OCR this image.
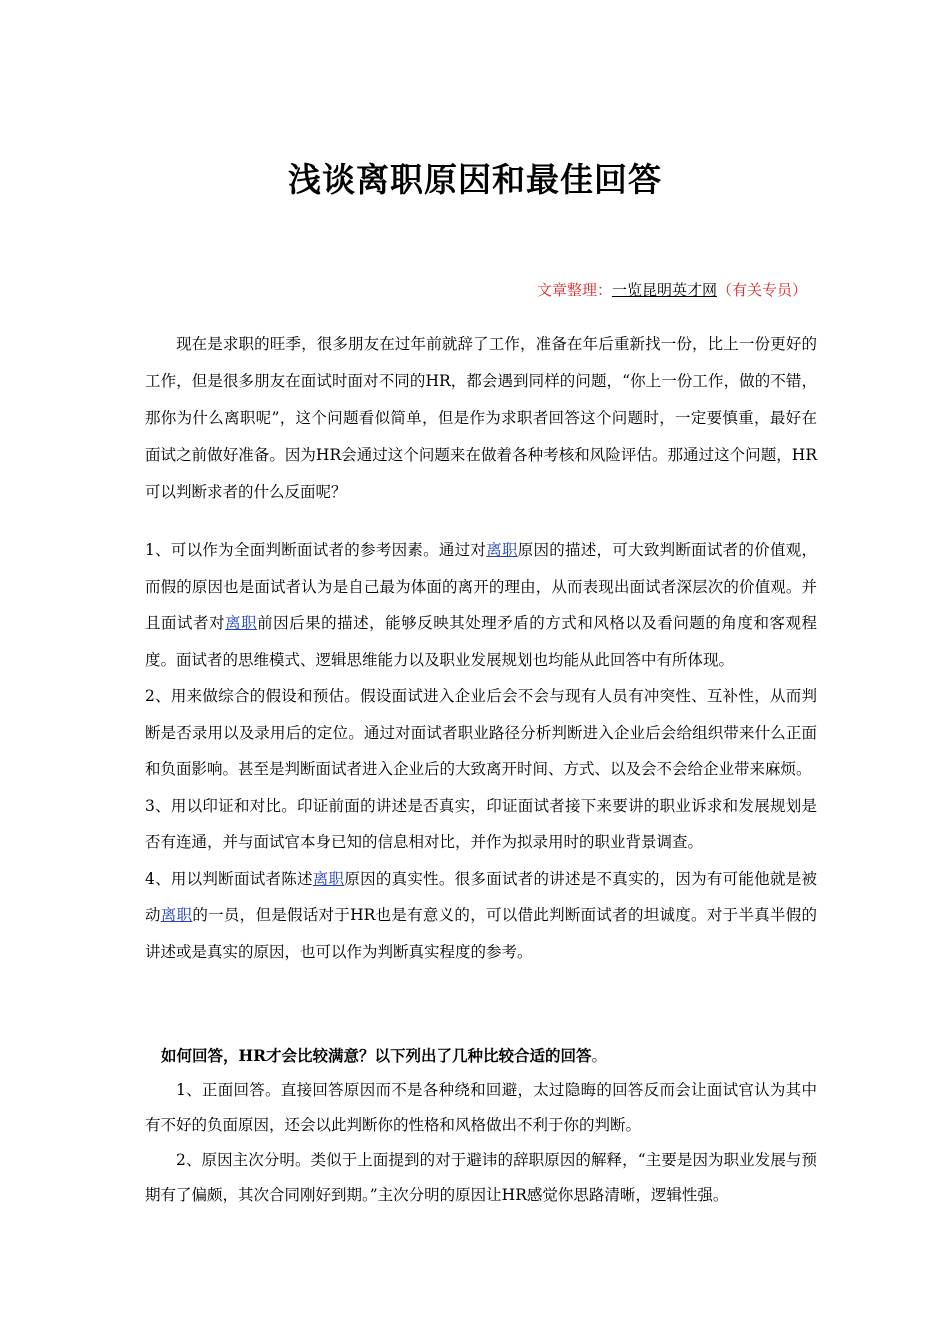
浅谈离职原因和最佳回答
文章整理：一览昆明英才网（有关专员）

现在是求职的旺季，很多朋友在过年前就辞了工作，准备在年后重新找一份，比上一份更好的工作，但是很多朋友在面试时面对不同的HR，都会遇到同样的问题，“你上一份工作，做的不错，那你为什么离职呢”，这个问题看似简单，但是作为求职者回答这个问题时，一定要慎重，最好在面试之前做好准备。因为HR会通过这个问题来在做着各种考核和风险评估。那通过这个问题，HR可以判断求者的什么反面呢？

1、可以作为全面判断面试者的参考因素。通过对离职原因的描述，可大致判断面试者的价值观，而假的原因也是面试者认为是自己最为体面的离开的理由，从而表现出面试者深层次的价值观。并且面试者对离职前因后果的描述，能够反映其处理矛盾的方式和风格以及看问题的角度和客观程度。面试者的思维模式、逻辑思维能力以及职业发展规划也均能从此回答中有所体现。

2、用来做综合的假设和预估。假设面试进入企业后会不会与现有人员有冲突性、互补性，从而判断是否录用以及录用后的定位。通过对面试者职业路径分析判断进入企业后会给组织带来什么正面和负面影响。甚至是判断面试者进入企业后的大致离开时间、方式、以及会不会给企业带来麻烦。

3、用以印证和对比。印证前面的讲述是否真实，印证面试者接下来要讲的职业诉求和发展规划是否有连通，并与面试官本身已知的信息相对比，并作为拟录用时的职业背景调查。

4、用以判断面试者陈述离职原因的真实性。很多面试者的讲述是不真实的，因为有可能他就是被动离职的一员，但是假话对于HR也是有意义的，可以借此判断面试者的坦诚度。对于半真半假的讲述或是真实的原因，也可以作为判断真实程度的参考。

如何回答，HR才会比较满意？以下列出了几种比较合适的回答。

1、正面回答。直接回答原因而不是各种绕和回避，太过隐晦的回答反而会让面试官认为其中有不好的负面原因，还会以此判断你的性格和风格做出不利于你的判断。

2、原因主次分明。类似于上面提到的对于避讳的辞职原因的解释，“主要是因为职业发展与预期有了偏颇，其次合同刚好到期。”主次分明的原因让HR感觉你思路清晰，逻辑性强。
